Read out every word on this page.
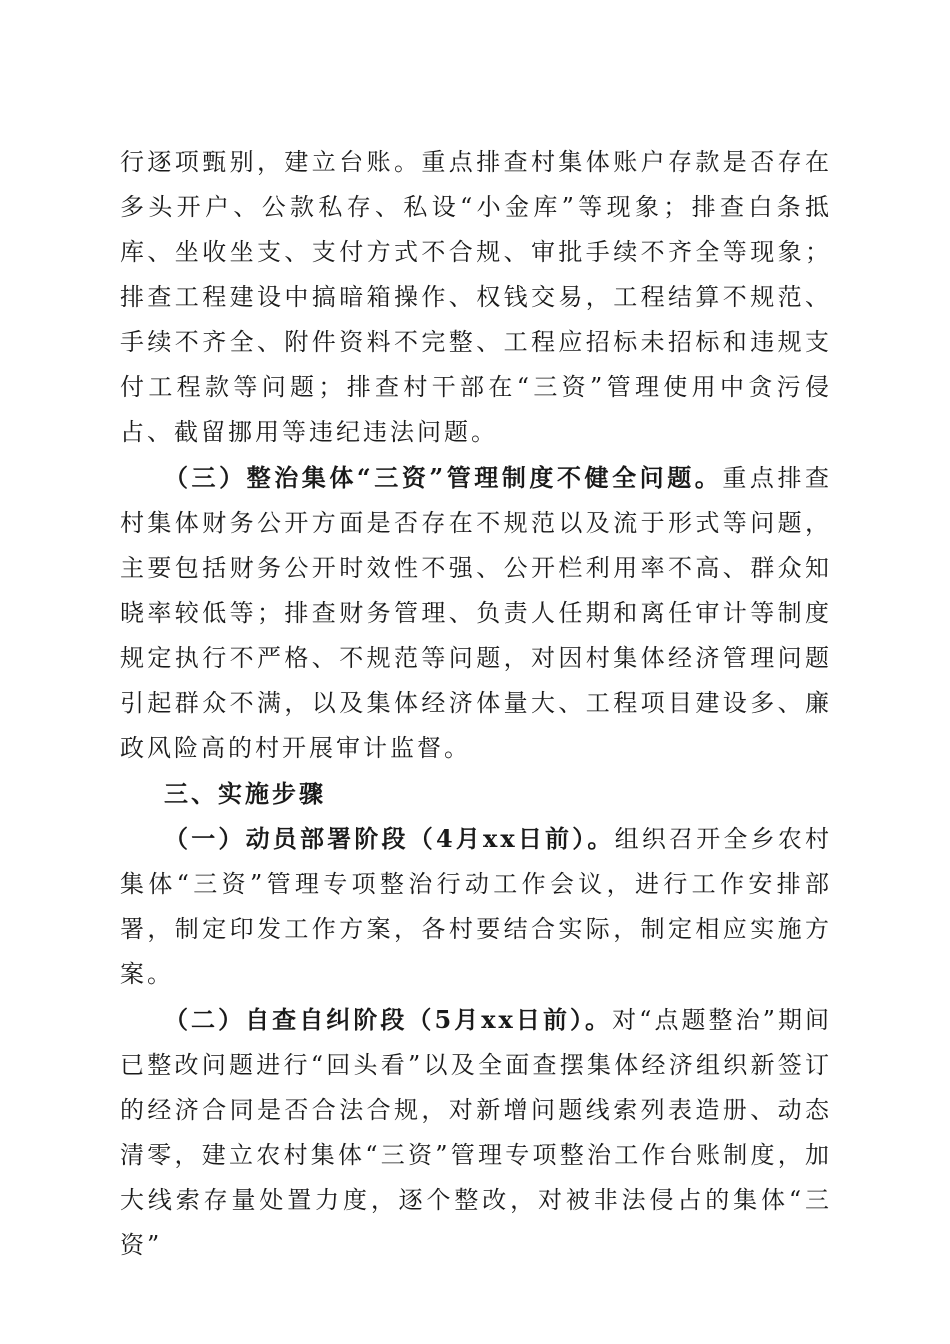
行逐项甄别，建立台账。重点排查村集体账户存款是否存在多头开户、公款私存、私设“小金库”等现象；排查白条抵库、坐收坐支、支付方式不合规、审批手续不齐全等现象；排查工程建设中搞暗箱操作、权钱交易，工程结算不规范、手续不齐全、附件资料不完整、工程应招标未招标和违规支付工程款等问题；排查村干部在“三资”管理使用中贪污侵占、截留挪用等违纪违法问题。

（三）整治集体“三资”管理制度不健全问题。重点排查村集体财务公开方面是否存在不规范以及流于形式等问题，主要包括财务公开时效性不强、公开栏利用率不高、群众知晓率较低等；排查财务管理、负责人任期和离任审计等制度规定执行不严格、不规范等问题，对因村集体经济管理问题引起群众不满，以及集体经济体量大、工程项目建设多、廉政风险高的村开展审计监督。

三、实施步骤

（一）动员部署阶段（4月xx日前）。组织召开全乡农村集体“三资”管理专项整治行动工作会议，进行工作安排部署，制定印发工作方案，各村要结合实际，制定相应实施方案。

（二）自查自纠阶段（5月xx日前）。对“点题整治”期间已整改问题进行“回头看”以及全面查摆集体经济组织新签订的经济合同是否合法合规，对新增问题线索列表造册、动态清零，建立农村集体“三资”管理专项整治工作台账制度，加大线索存量处置力度，逐个整改，对被非法侵占的集体“三资”
